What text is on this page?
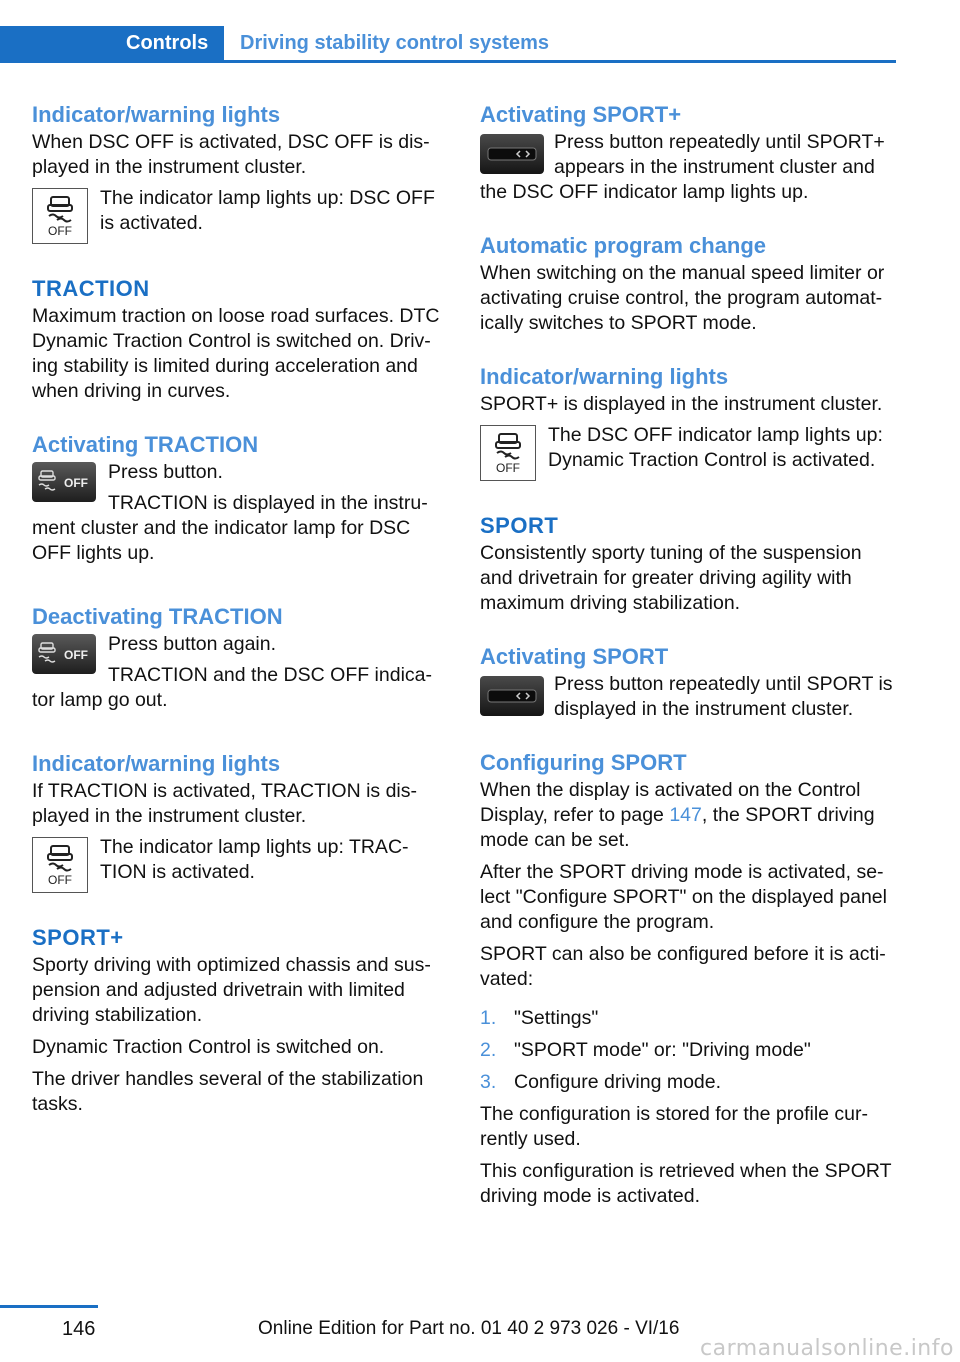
Controls	Driving stability control systems
Indicator/warning lights

When DSC OFF is activated, DSC OFF is dis-played in the instrument cluster.

OFF

The indicator lamp lights up: DSC OFF is activated.

TRACTION

Maximum traction on loose road surfaces. DTC Dynamic Traction Control is switched on. Driv-ing stability is limited during acceleration and when driving in curves.

Activating TRACTION
OFF	Press button.

TRACTION is displayed in the instru-ment cluster and the indicator lamp for DSC OFF lights up.

Deactivating TRACTION
OFF	Press button again.

TRACTION and the DSC OFF indica-tor lamp go out.

Indicator/warning lights

If TRACTION is activated, TRACTION is dis-played in the instrument cluster.

OFF

The indicator lamp lights up: TRAC-TION is activated.

SPORT+

Sporty driving with optimized chassis and sus-pension and adjusted drivetrain with limited driving stabilization.

Dynamic Traction Control is switched on.

The driver handles several of the stabilization tasks.

Activating SPORT+

Press button repeatedly until SPORT+ appears in the instrument cluster and the DSC OFF indicator lamp lights up.

Automatic program change

When switching on the manual speed limiter or activating cruise control, the program automat-ically switches to SPORT mode.

Indicator/warning lights

SPORT+ is displayed in the instrument cluster.

OFF

The DSC OFF indicator lamp lights up: Dynamic Traction Control is activated.

SPORT

Consistently sporty tuning of the suspension and drivetrain for greater driving agility with maximum driving stabilization.

Activating SPORT

Press button repeatedly until SPORT is displayed in the instrument cluster.

Configuring SPORT

When the display is activated on the Control Display, refer to page 147, the SPORT driving mode can be set.

After the SPORT driving mode is activated, se-lect "Configure SPORT" on the displayed panel and configure the program.

SPORT can also be configured before it is acti-vated:

1. "Settings"
2. "SPORT mode" or: "Driving mode"
3. Configure driving mode.

The configuration is stored for the profile cur-rently used.

This configuration is retrieved when the SPORT driving mode is activated.

146	Online Edition for Part no. 01 40 2 973 026 - VI/16
carmanualsonline.info
